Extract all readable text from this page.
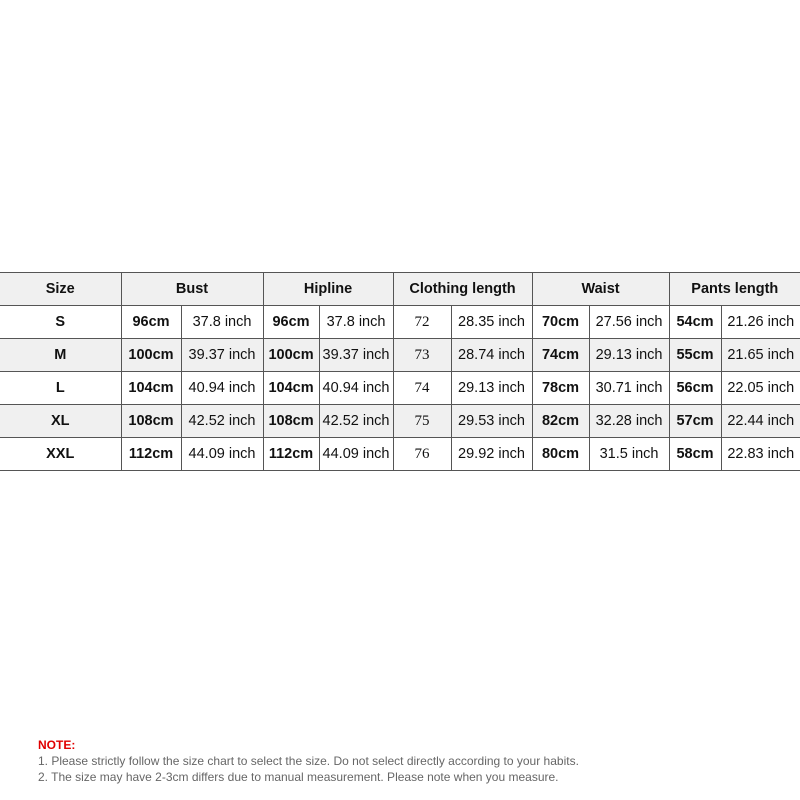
Size	Bust		Hipline		Clothing length		Waist		Pants length	
S	96cm	37.8 inch	96cm	37.8 inch	72	28.35 inch	70cm	27.56 inch	54cm	21.26 inch
M	100cm	39.37 inch	100cm	39.37 inch	73	28.74 inch	74cm	29.13 inch	55cm	21.65 inch
L	104cm	40.94 inch	104cm	40.94 inch	74	29.13 inch	78cm	30.71 inch	56cm	22.05 inch
XL	108cm	42.52 inch	108cm	42.52 inch	75	29.53 inch	82cm	32.28 inch	57cm	22.44 inch
XXL	112cm	44.09 inch	112cm	44.09 inch	76	29.92 inch	80cm	31.5 inch	58cm	22.83 inch
NOTE:
1. Please strictly follow the size chart to select the size. Do not select directly according to your habits.
2. The size may have 2-3cm differs due to manual measurement. Please note when you measure.
